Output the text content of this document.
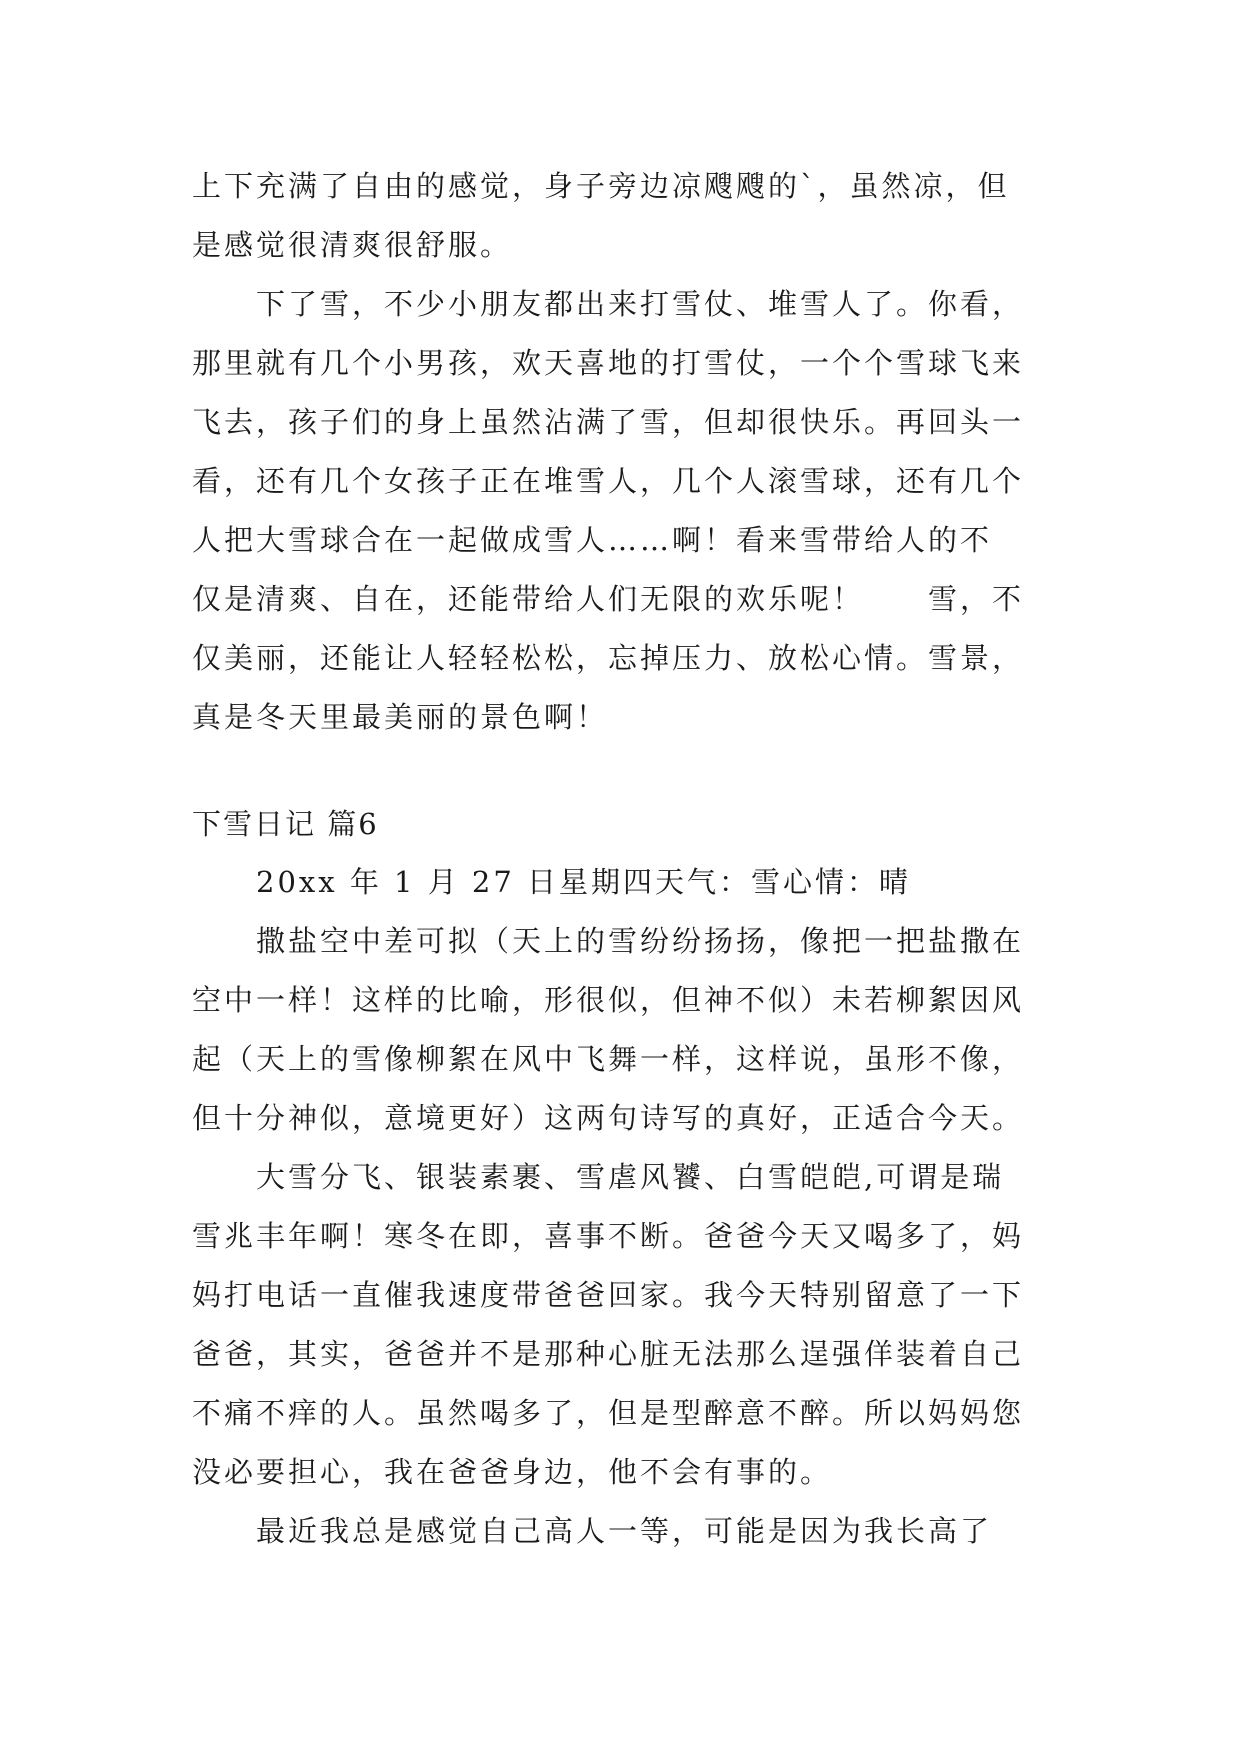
上下充满了自由的感觉，身子旁边凉飕飕的`，虽然凉，但
是感觉很清爽很舒服。
下了雪，不少小朋友都出来打雪仗、堆雪人了。你看，
那里就有几个小男孩，欢天喜地的打雪仗，一个个雪球飞来
飞去，孩子们的身上虽然沾满了雪，但却很快乐。再回头一
看，还有几个女孩子正在堆雪人，几个人滚雪球，还有几个
人把大雪球合在一起做成雪人……啊！看来雪带给人的不
仅是清爽、自在，还能带给人们无限的欢乐呢！　　雪，不
仅美丽，还能让人轻轻松松，忘掉压力、放松心情。雪景，
真是冬天里最美丽的景色啊！
下雪日记 篇6
20xx 年 1 月 27 日星期四天气：雪心情：晴
撒盐空中差可拟（天上的雪纷纷扬扬，像把一把盐撒在
空中一样！这样的比喻，形很似，但神不似）未若柳絮因风
起（天上的雪像柳絮在风中飞舞一样，这样说，虽形不像，
但十分神似，意境更好）这两句诗写的真好，正适合今天。
大雪分飞、银装素裹、雪虐风饕、白雪皑皑,可谓是瑞
雪兆丰年啊！寒冬在即，喜事不断。爸爸今天又喝多了，妈
妈打电话一直催我速度带爸爸回家。我今天特别留意了一下
爸爸，其实，爸爸并不是那种心脏无法那么逞强佯装着自己
不痛不痒的人。虽然喝多了，但是型醉意不醉。所以妈妈您
没必要担心，我在爸爸身边，他不会有事的。
最近我总是感觉自己高人一等，可能是因为我长高了
